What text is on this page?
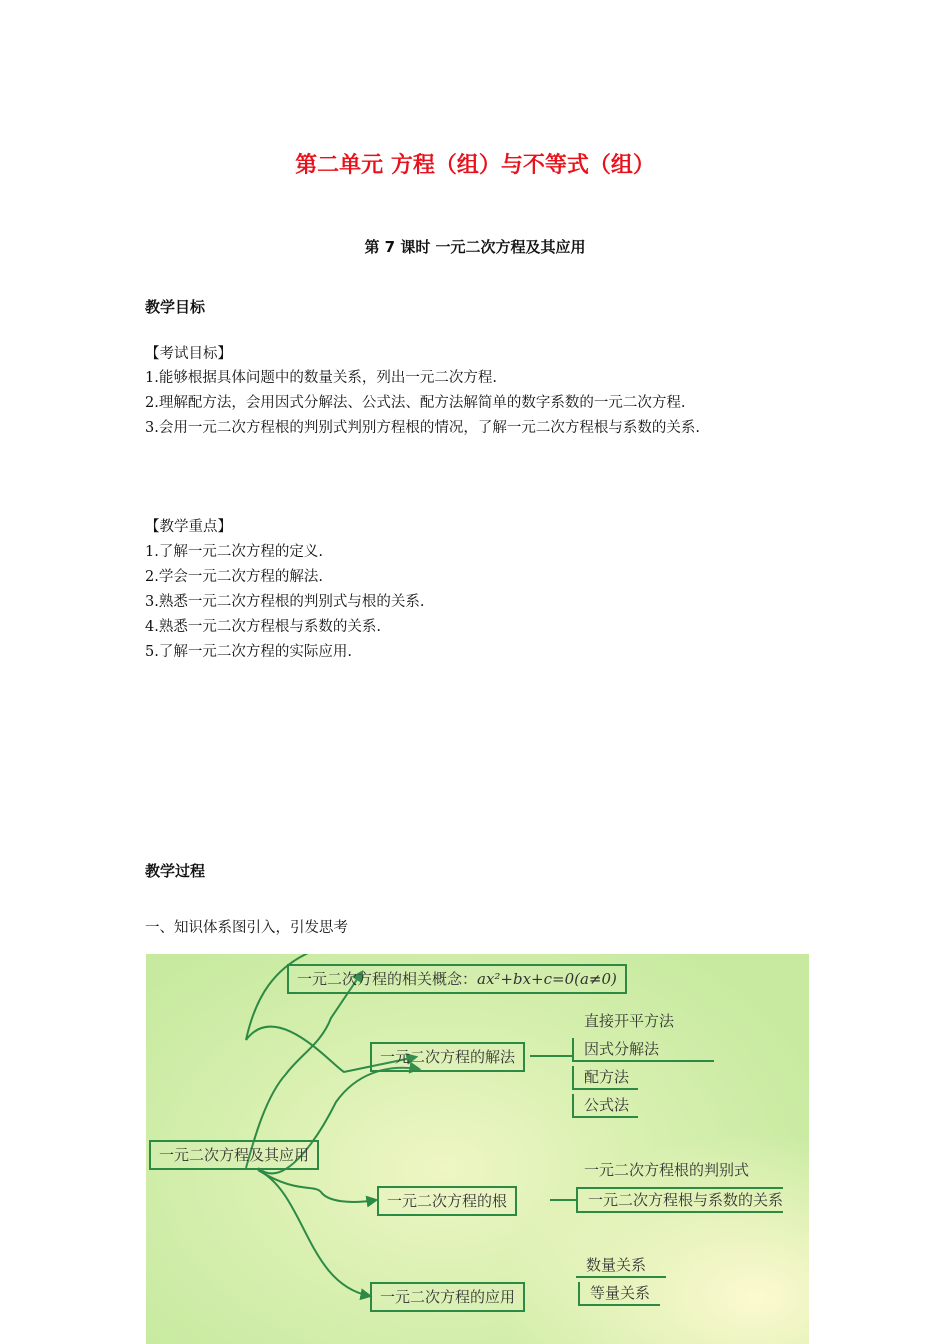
第二单元 方程（组）与不等式（组）
第 7 课时 一元二次方程及其应用
教学目标
【考试目标】
1.能够根据具体问题中的数量关系，列出一元二次方程.
2.理解配方法，会用因式分解法、公式法、配方法解简单的数字系数的一元二次方程.
3.会用一元二次方程根的判别式判别方程根的情况，了解一元二次方程根与系数的关系.
【教学重点】
1.了解一元二次方程的定义.
2.学会一元二次方程的解法.
3.熟悉一元二次方程根的判别式与根的关系.
4.熟悉一元二次方程根与系数的关系.
5.了解一元二次方程的实际应用.
教学过程
一、知识体系图引入，引发思考
一元二次方程的相关概念：ax²+bx+c=0(a≠0)
一元二次方程的解法
直接开平方法
因式分解法
配方法
公式法
一元二次方程及其应用
一元二次方程的根
一元二次方程根的判别式
一元二次方程根与系数的关系
一元二次方程的应用
数量关系
等量关系
